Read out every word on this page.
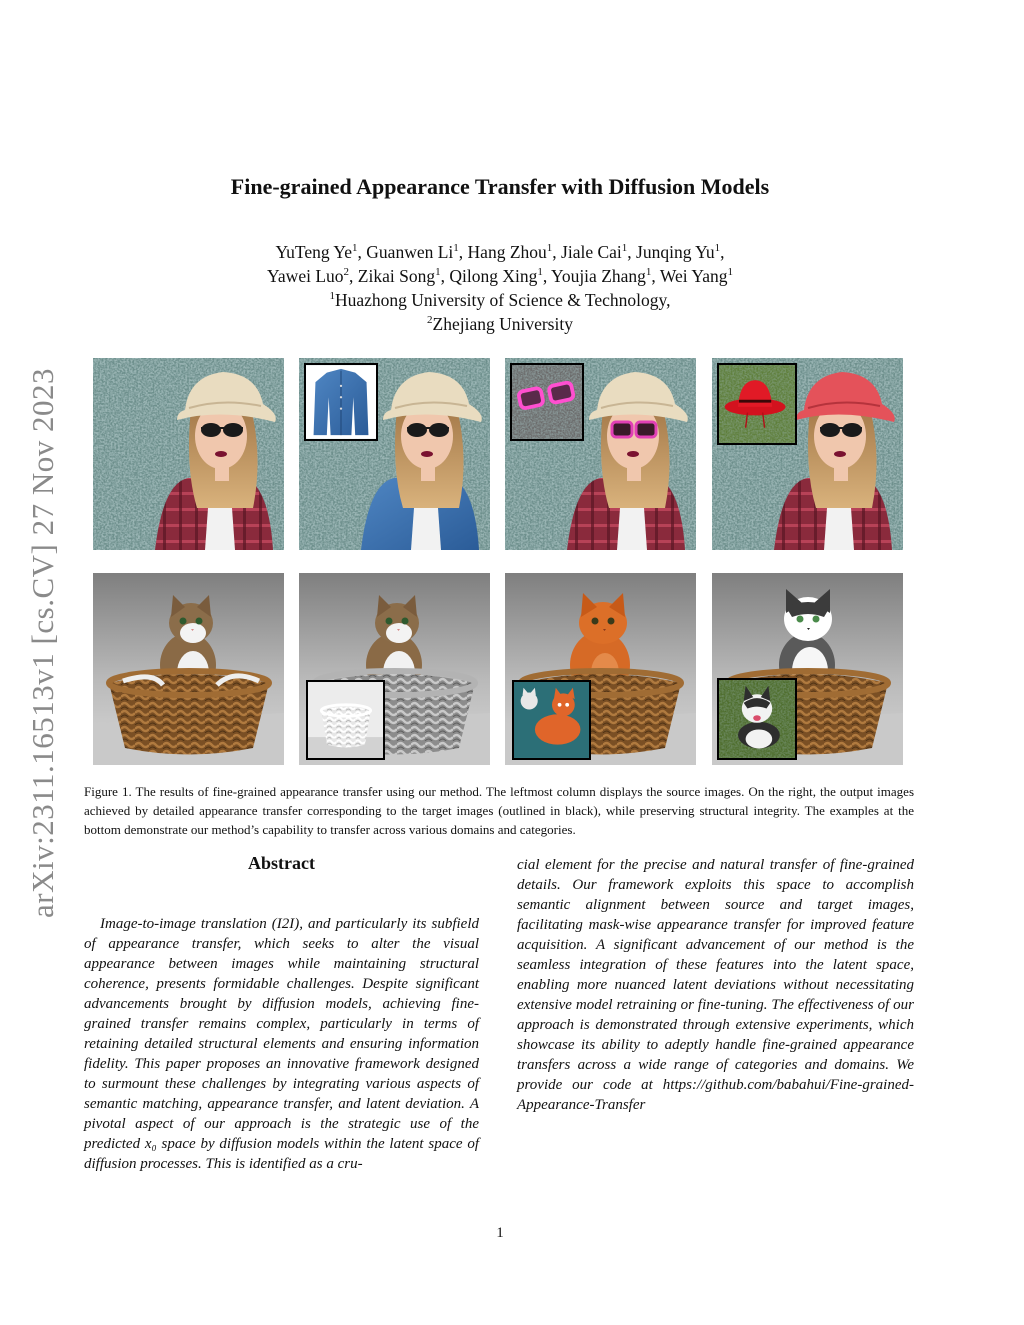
arXiv:2311.16513v1 [cs.CV] 27 Nov 2023
Fine-grained Appearance Transfer with Diffusion Models
YuTeng Ye$^1$, Guanwen Li$^1$, Hang Zhou$^1$, Jiale Cai$^1$, Junqing Yu$^1$,
Yawei Luo$^2$, Zikai Song$^1$, Qilong Xing$^1$, Youjia Zhang$^1$, Wei Yang$^1$
$^1$Huazhong University of Science & Technology,
$^2$Zhejiang University
Figure 1. The results of fine-grained appearance transfer using our method. The leftmost column displays the source images. On the right, the output images achieved by detailed appearance transfer corresponding to the target images (outlined in black), while preserving structural integrity. The examples at the bottom demonstrate our method’s capability to transfer across various domains and categories.
Abstract
Image-to-image translation (I2I), and particularly its subfield of appearance transfer, which seeks to alter the visual appearance between images while maintaining structural coherence, presents formidable challenges. Despite significant advancements brought by diffusion models, achieving fine-grained transfer remains complex, particularly in terms of retaining detailed structural elements and ensuring information fidelity. This paper proposes an innovative framework designed to surmount these challenges by integrating various aspects of semantic matching, appearance transfer, and latent deviation. A pivotal aspect of our approach is the strategic use of the predicted x₀ space by diffusion models within the latent space of diffusion processes. This is identified as a cru-
cial element for the precise and natural transfer of fine-grained details. Our framework exploits this space to accomplish semantic alignment between source and target images, facilitating mask-wise appearance transfer for improved feature acquisition. A significant advancement of our method is the seamless integration of these features into the latent space, enabling more nuanced latent deviations without necessitating extensive model retraining or fine-tuning. The effectiveness of our approach is demonstrated through extensive experiments, which showcase its ability to adeptly handle fine-grained appearance transfers across a wide range of categories and domains. We provide our code at https://github.com/babahui/Fine-grained-Appearance-Transfer
1
